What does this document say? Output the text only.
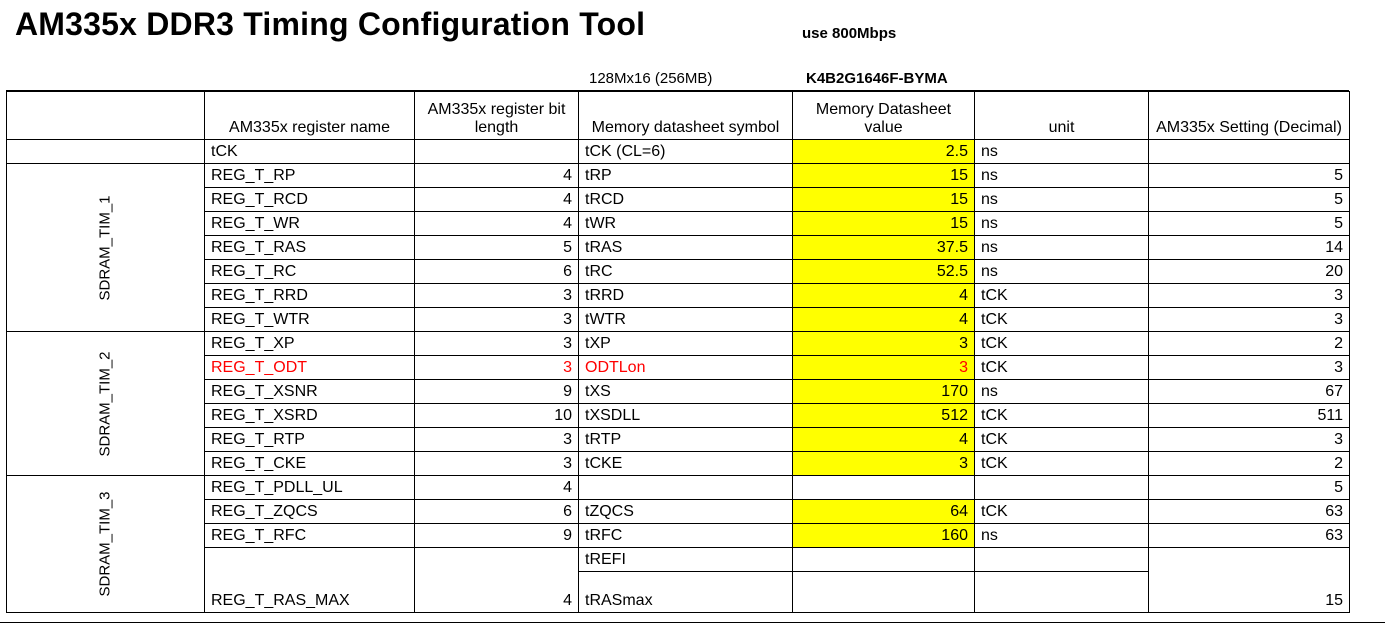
AM335x DDR3 Timing Configuration Tool	use 800Mbps
128Mx16 (256MB)	K4B2G1646F-BYMA
	AM335x register name	AM335x register bit length	Memory datasheet symbol	Memory Datasheet value	unit	AM335x Setting (Decimal)
	tCK		tCK (CL=6)	2.5	ns	
SDRAM_TIM_1	REG_T_RP	4	tRP	15	ns	5
	REG_T_RCD	4	tRCD	15	ns	5
	REG_T_WR	4	tWR	15	ns	5
	REG_T_RAS	5	tRAS	37.5	ns	14
	REG_T_RC	6	tRC	52.5	ns	20
	REG_T_RRD	3	tRRD	4	tCK	3
	REG_T_WTR	3	tWTR	4	tCK	3
SDRAM_TIM_2	REG_T_XP	3	tXP	3	tCK	2
	REG_T_ODT	3	ODTLon	3	tCK	3
	REG_T_XSNR	9	tXS	170	ns	67
	REG_T_XSRD	10	tXSDLL	512	tCK	511
	REG_T_RTP	3	tRTP	4	tCK	3
	REG_T_CKE	3	tCKE	3	tCK	2
SDRAM_TIM_3	REG_T_PDLL_UL	4				5
	REG_T_ZQCS	6	tZQCS	64	tCK	63
	REG_T_RFC	9	tRFC	160	ns	63
	REG_T_RAS_MAX	4	tREFI			15
			tRASmax			
